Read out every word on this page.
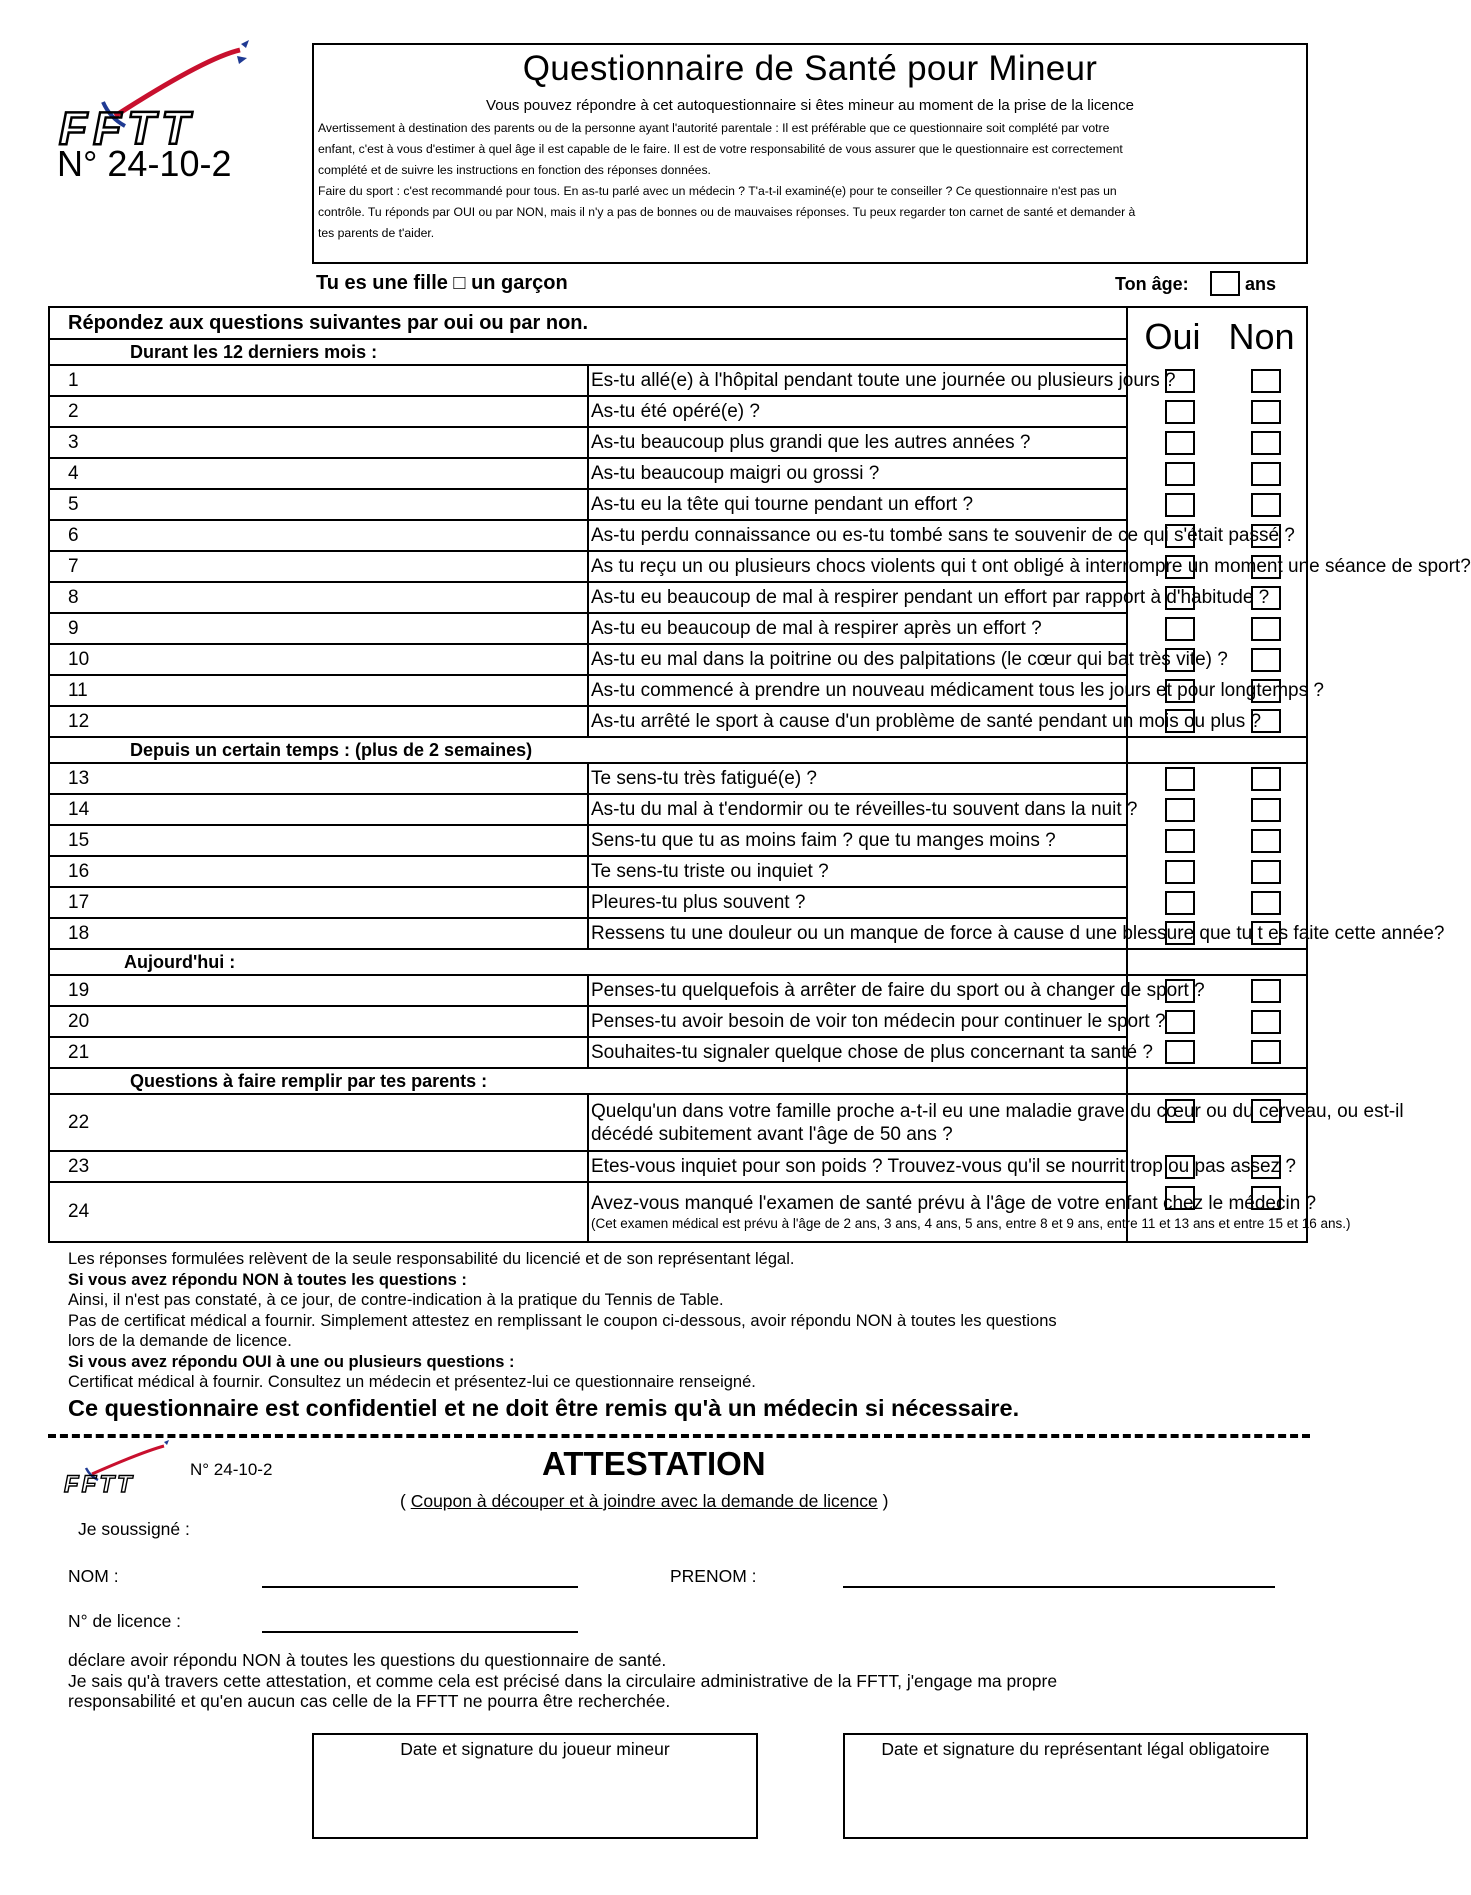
FFTT
N° 24-10-2
Questionnaire de Santé pour Mineur
Vous pouvez répondre à cet autoquestionnaire si êtes mineur au moment de la prise de la licence
Avertissement à destination des parents ou de la personne ayant l'autorité parentale : Il est préférable que ce questionnaire soit complété par votre
enfant, c'est à vous d'estimer à quel âge il est capable de le faire. Il est de votre responsabilité de vous assurer que le questionnaire est correctement
complété et de suivre les instructions en fonction des réponses données.
Faire du sport : c'est recommandé pour tous. En as-tu parlé avec un médecin ? T'a-t-il examiné(e) pour te conseiller ? Ce questionnaire n'est pas un
contrôle. Tu réponds par OUI ou par NON, mais il n'y a pas de bonnes ou de mauvaises réponses. Tu peux regarder ton carnet de santé et demander à
tes parents de t'aider.
Tu es une fille □ un garçon	Ton âge:	ans
Répondez aux questions suivantes par oui ou par non.		Oui	Non
Durant les 12 derniers mois :			
1	Es-tu allé(e) à l'hôpital pendant toute une journée ou plusieurs jours ?		
2	As-tu été opéré(e) ?		
3	As-tu beaucoup plus grandi que les autres années ?		
4	As-tu beaucoup maigri ou grossi ?		
5	As-tu eu la tête qui tourne pendant un effort ?		
6	As-tu perdu connaissance ou es-tu tombé sans te souvenir de ce qui s'était passé ?		
7	As tu reçu un ou plusieurs chocs violents qui t ont obligé à interrompre un moment une séance de sport?		
8	As-tu eu beaucoup de mal à respirer pendant un effort par rapport à d'habitude ?		
9	As-tu eu beaucoup de mal à respirer après un effort ?		
10	As-tu eu mal dans la poitrine ou des palpitations (le cœur qui bat très vite) ?		
11	As-tu commencé à prendre un nouveau médicament tous les jours et pour longtemps ?		
12	As-tu arrêté le sport à cause d'un problème de santé pendant un mois ou plus ?		
Depuis un certain temps : (plus de 2 semaines)			
13	Te sens-tu très fatigué(e) ?		
14	As-tu du mal à t'endormir ou te réveilles-tu souvent dans la nuit ?		
15	Sens-tu que tu as moins faim ? que tu manges moins ?		
16	Te sens-tu triste ou inquiet ?		
17	Pleures-tu plus souvent ?		
18	Ressens tu une douleur ou un manque de force à cause d une blessure que tu t es faite cette année?		
Aujourd'hui :			
19	Penses-tu quelquefois à arrêter de faire du sport ou à changer de sport ?		
20	Penses-tu avoir besoin de voir ton médecin pour continuer le sport ?		
21	Souhaites-tu signaler quelque chose de plus concernant ta santé ?		
Questions à faire remplir par tes parents :			
22	Quelqu'un dans votre famille proche a-t-il eu une maladie grave du cœur ou du cerveau, ou est-il
décédé subitement avant l'âge de 50 ans ?		

23	Etes-vous inquiet pour son poids ? Trouvez-vous qu'il se nourrit trop ou pas assez ?		
24	Avez-vous manqué l'examen de santé prévu à l'âge de votre enfant chez le médecin ?
(Cet examen médical est prévu à l'âge de 2 ans, 3 ans, 4 ans, 5 ans, entre 8 et 9 ans, entre 11 et 13 ans et entre 15 et 16 ans.)		

Les réponses formulées relèvent de la seule responsabilité du licencié et de son représentant légal.
Si vous avez répondu NON à toutes les questions :
Ainsi, il n'est pas constaté, à ce jour, de contre-indication à la pratique du Tennis de Table.
Pas de certificat médical a fournir. Simplement attestez en remplissant le coupon ci-dessous, avoir répondu NON à toutes les questions
lors de la demande de licence.
Si vous avez répondu OUI à une ou plusieurs questions :
Certificat médical à fournir. Consultez un médecin et présentez-lui ce questionnaire renseigné.
Ce questionnaire est confidentiel et ne doit être remis qu'à un médecin si nécessaire.
FFTT
N° 24-10-2	ATTESTATION
( Coupon à découper et à joindre avec la demande de licence )
Je soussigné :
NOM :	PRENOM :
N° de licence :
déclare avoir répondu NON à toutes les questions du questionnaire de santé.
Je sais qu'à travers cette attestation, et comme cela est précisé dans la circulaire administrative de la FFTT, j'engage ma propre
responsabilité et qu'en aucun cas celle de la FFTT ne pourra être recherchée.
Date et signature du joueur mineur	Date et signature du représentant légal obligatoire
